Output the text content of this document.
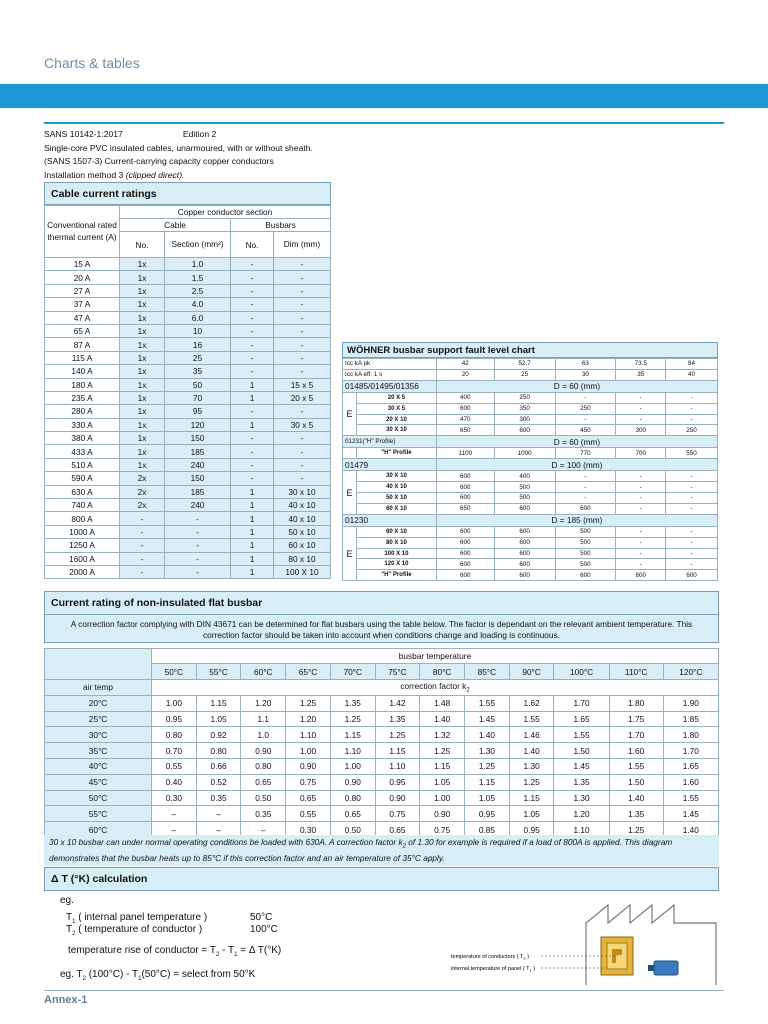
Charts & tables
SANS 10142-1:2017	Edition 2
Single-core PVC insulated cables, unarmoured, with or without sheath.
(SANS 1507-3) Current-carrying capacity copper conductors
Installation method 3 (clipped direct).
Cable current ratings
Conventional rated thermal current (A)	Copper conductor section			
	Cable		Busbars	
	No.	Section (mm²)	No.	Dim (mm)
15 A	1x	1.0	-	-
20 A	1x	1.5	-	-
27 A	1x	2.5	-	-
37 A	1x	4.0	-	-
47 A	1x	6.0	-	-
65 A	1x	10	-	-
87 A	1x	16	-	-
115 A	1x	25	-	-
140 A	1x	35	-	-
180 A	1x	50	1	15 x 5
235 A	1x	70	1	20 x 5
280 A	1x	95	-	-
330 A	1x	120	1	30 x 5
380 A	1x	150	-	-
433 A	1x	185	-	-
510 A	1x	240	-	-
590 A	2x	150	-	-
630 A	2x	185	1	30 x 10
740 A	2x	240	1	40 x 10
800 A	-	-	1	40 x 10
1000 A	-	-	1	50 x 10
1250 A	-	-	1	60 x 10
1600 A	-	-	1	80 x 10
2000 A	-	-	1	100 X 10
WÖHNER busbar support fault level chart
Icc kA pk		42	52.7	63	73.5	84
Icc kA eff. 1 s		20	25	30	35	40
01485/01495/01356		D = 60 (mm)				
E	20 X 5	400	250	-	-	-
	30 X 5	600	350	250	-	-
	20 X 10	470	300	-	-	-
	30 X 10	650	600	450	300	250
01231("H" Profile)		D = 60 (mm)				
	"H" Profile	1100	1000	770	700	550
01479		D = 100 (mm)				
E	30 X 10	600	400	-	-	-
	40 X 10	600	500	-	-	-
	50 X 10	600	500	-	-	-
	60 X 10	650	600	600	-	-
01230		D = 185 (mm)				
E	60 X 10	600	600	500	-	-
	80 X 10	600	600	500	-	-
	100 X 10	600	600	500	-	-
	120 X 10	600	600	500	-	-
	"H" Profile	600	600	600	600	600
Current rating of non-insulated flat busbar
A correction factor complying with DIN 43671 can be determined for flat busbars using the table below. The factor is dependant on the relevant ambient temperature. This correction factor should be taken into account when conditions change and loading is continuous.
	busbar temperature											
	50°C	55°C	60°C	65°C	70°C	75°C	80°C	85°C	90°C	100°C	110°C	120°C
air temp	correction factor $k_2$
20°C	1.00	1.15	1.20	1.25	1.35	1.42	1.48	1.55	1.62	1.70	1.80	1.90
25°C	0.95	1.05	1.1	1.20	1.25	1.35	1.40	1.45	1.55	1.65	1.75	1.85
30°C	0.80	0.92	1.0	1.10	1.15	1.25	1.32	1.40	1.46	1.55	1.70	1.80
35°C	0.70	0.80	0.90	1.00	1.10	1.15	1.25	1.30	1.40	1.50	1.60	1.70
40°C	0.55	0.66	0.80	0.90	1.00	1.10	1.15	1.25	1.30	1.45	1.55	1.65
45°C	0.40	0.52	0.65	0.75	0.90	0.95	1.05	1.15	1.25	1.35	1.50	1.60
50°C	0.30	0.35	0.50	0.65	0.80	0.90	1.00	1.05	1.15	1.30	1.40	1.55
55°C	–	–	0.35	0.55	0.65	0.75	0.90	0.95	1.05	1.20	1.35	1.45
60°C	–	–	–	0.30	0.50	0.65	0.75	0.85	0.95	1.10	1.25	1.40
30 x 10 busbar can under normal operating conditions be loaded with 630A. A correction factor $k_2$ of 1.30 for example is required if a load of 800A is applied. This diagram demonstrates that the busbar heats up to 85°C if this correction factor and an air temperature of 35°C apply.
Δ T (°K) calculation
eg.
$T_1$ ( internal panel temperature )	50°C
$T_2$ ( temperature of conductor )	100°C
temperature rise of conductor = $T_2 - T_1 = \Delta$ T(°K)
eg. $T_2$ $(100^\circ C) - T_1(50^\circ C)$ = select from 50°K
temperature of conductors ( $T_2$ )
internal temperature of panel ( $T_1$ )
Annex-1
